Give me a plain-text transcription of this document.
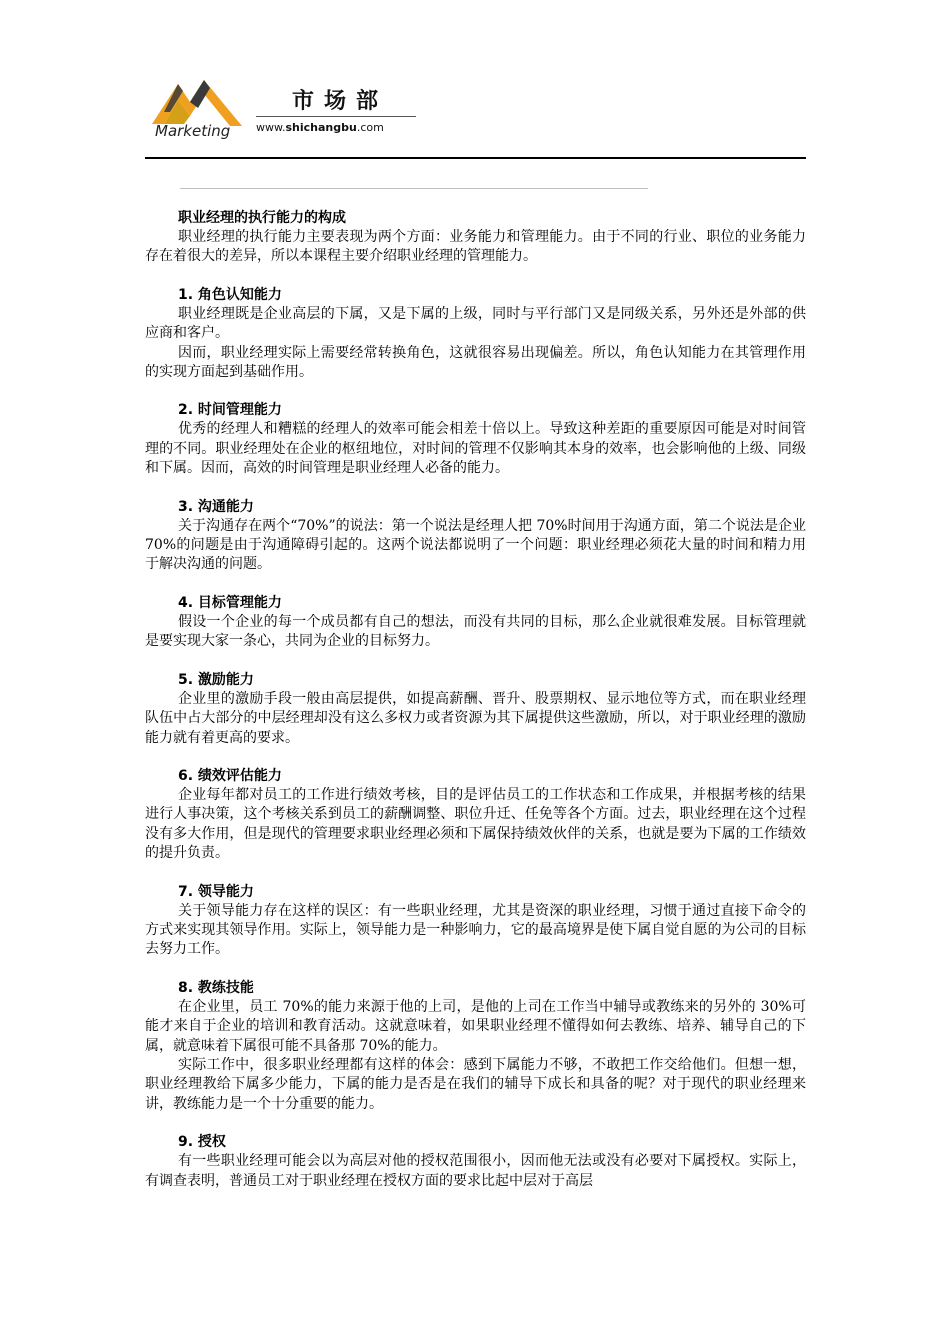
Marketing
市场部
www.shichangbu.com
职业经理的执行能力的构成

职业经理的执行能力主要表现为两个方面：业务能力和管理能力。由于不同的行业、职位的业务能力存在着很大的差异，所以本课程主要介绍职业经理的管理能力。

1. 角色认知能力

职业经理既是企业高层的下属，又是下属的上级，同时与平行部门又是同级关系，另外还是外部的供应商和客户。

因而，职业经理实际上需要经常转换角色，这就很容易出现偏差。所以，角色认知能力在其管理作用的实现方面起到基础作用。

2. 时间管理能力

优秀的经理人和糟糕的经理人的效率可能会相差十倍以上。导致这种差距的重要原因可能是对时间管理的不同。职业经理处在企业的枢纽地位，对时间的管理不仅影响其本身的效率，也会影响他的上级、同级和下属。因而，高效的时间管理是职业经理人必备的能力。

3. 沟通能力

关于沟通存在两个“70%”的说法：第一个说法是经理人把 70%时间用于沟通方面，第二个说法是企业 70%的问题是由于沟通障碍引起的。这两个说法都说明了一个问题：职业经理必须花大量的时间和精力用于解决沟通的问题。

4. 目标管理能力

假设一个企业的每一个成员都有自己的想法，而没有共同的目标，那么企业就很难发展。目标管理就是要实现大家一条心，共同为企业的目标努力。

5. 激励能力

企业里的激励手段一般由高层提供，如提高薪酬、晋升、股票期权、显示地位等方式，而在职业经理队伍中占大部分的中层经理却没有这么多权力或者资源为其下属提供这些激励，所以，对于职业经理的激励能力就有着更高的要求。

6. 绩效评估能力

企业每年都对员工的工作进行绩效考核，目的是评估员工的工作状态和工作成果，并根据考核的结果进行人事决策，这个考核关系到员工的薪酬调整、职位升迁、任免等各个方面。过去，职业经理在这个过程没有多大作用，但是现代的管理要求职业经理必须和下属保持绩效伙伴的关系，也就是要为下属的工作绩效的提升负责。

7. 领导能力

关于领导能力存在这样的误区：有一些职业经理，尤其是资深的职业经理，习惯于通过直接下命令的方式来实现其领导作用。实际上，领导能力是一种影响力，它的最高境界是使下属自觉自愿的为公司的目标去努力工作。

8. 教练技能

在企业里，员工 70%的能力来源于他的上司，是他的上司在工作当中辅导或教练来的另外的 30%可能才来自于企业的培训和教育活动。这就意味着，如果职业经理不懂得如何去教练、培养、辅导自己的下属，就意味着下属很可能不具备那 70%的能力。

实际工作中，很多职业经理都有这样的体会：感到下属能力不够，不敢把工作交给他们。但想一想，职业经理教给下属多少能力，下属的能力是否是在我们的辅导下成长和具备的呢？对于现代的职业经理来讲，教练能力是一个十分重要的能力。

9. 授权

有一些职业经理可能会以为高层对他的授权范围很小，因而他无法或没有必要对下属授权。实际上，有调查表明，普通员工对于职业经理在授权方面的要求比起中层对于高层
